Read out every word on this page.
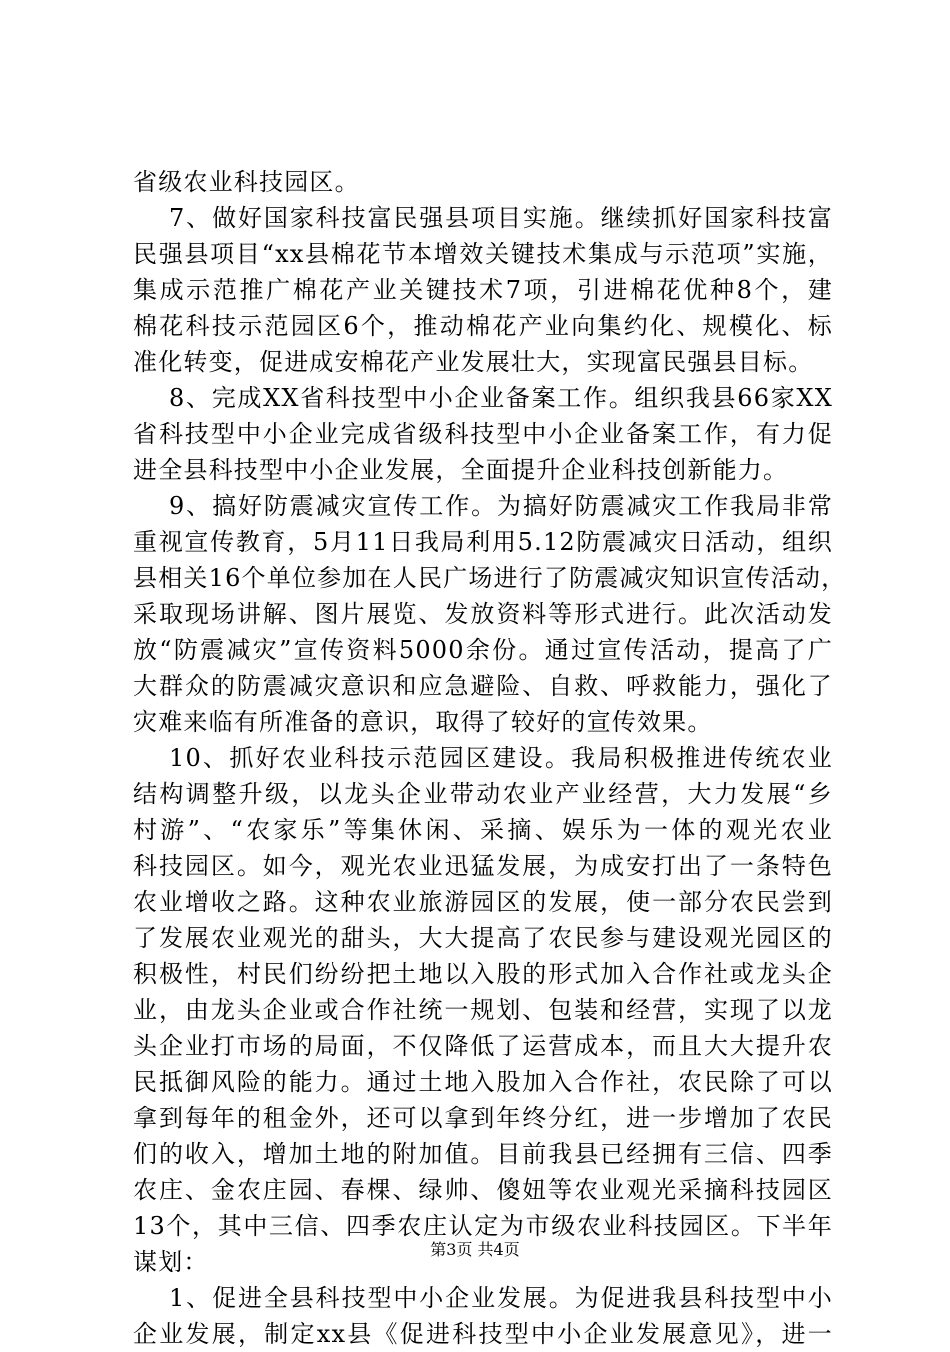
省级农业科技园区。
7、做好国家科技富民强县项目实施。继续抓好国家科技富
民强县项目“xx县棉花节本增效关键技术集成与示范项”实施，
集成示范推广棉花产业关键技术7项，引进棉花优种8个，建
棉花科技示范园区6个，推动棉花产业向集约化、规模化、标
准化转变，促进成安棉花产业发展壮大，实现富民强县目标。
8、完成XX省科技型中小企业备案工作。组织我县66家XX
省科技型中小企业完成省级科技型中小企业备案工作，有力促
进全县科技型中小企业发展，全面提升企业科技创新能力。
9、搞好防震减灾宣传工作。为搞好防震减灾工作我局非常
重视宣传教育，5月11日我局利用5.12防震减灾日活动，组织
县相关16个单位参加在人民广场进行了防震减灾知识宣传活动，
采取现场讲解、图片展览、发放资料等形式进行。此次活动发
放“防震减灾”宣传资料5000余份。通过宣传活动，提高了广
大群众的防震减灾意识和应急避险、自救、呼救能力，强化了
灾难来临有所准备的意识，取得了较好的宣传效果。
10、抓好农业科技示范园区建设。我局积极推进传统农业
结构调整升级，以龙头企业带动农业产业经营，大力发展“乡
村游”、“农家乐”等集休闲、采摘、娱乐为一体的观光农业
科技园区。如今，观光农业迅猛发展，为成安打出了一条特色
农业增收之路。这种农业旅游园区的发展，使一部分农民尝到
了发展农业观光的甜头，大大提高了农民参与建设观光园区的
积极性，村民们纷纷把土地以入股的形式加入合作社或龙头企
业，由龙头企业或合作社统一规划、包装和经营，实现了以龙
头企业打市场的局面，不仅降低了运营成本，而且大大提升农
民抵御风险的能力。通过土地入股加入合作社，农民除了可以
拿到每年的租金外，还可以拿到年终分红，进一步增加了农民
们的收入，增加土地的附加值。目前我县已经拥有三信、四季
农庄、金农庄园、春棵、绿帅、傻妞等农业观光采摘科技园区
13个，其中三信、四季农庄认定为市级农业科技园区。下半年
谋划：
1、促进全县科技型中小企业发展。为促进我县科技型中小
企业发展，制定xx县《促进科技型中小企业发展意见》，进一
第3页 共4页
